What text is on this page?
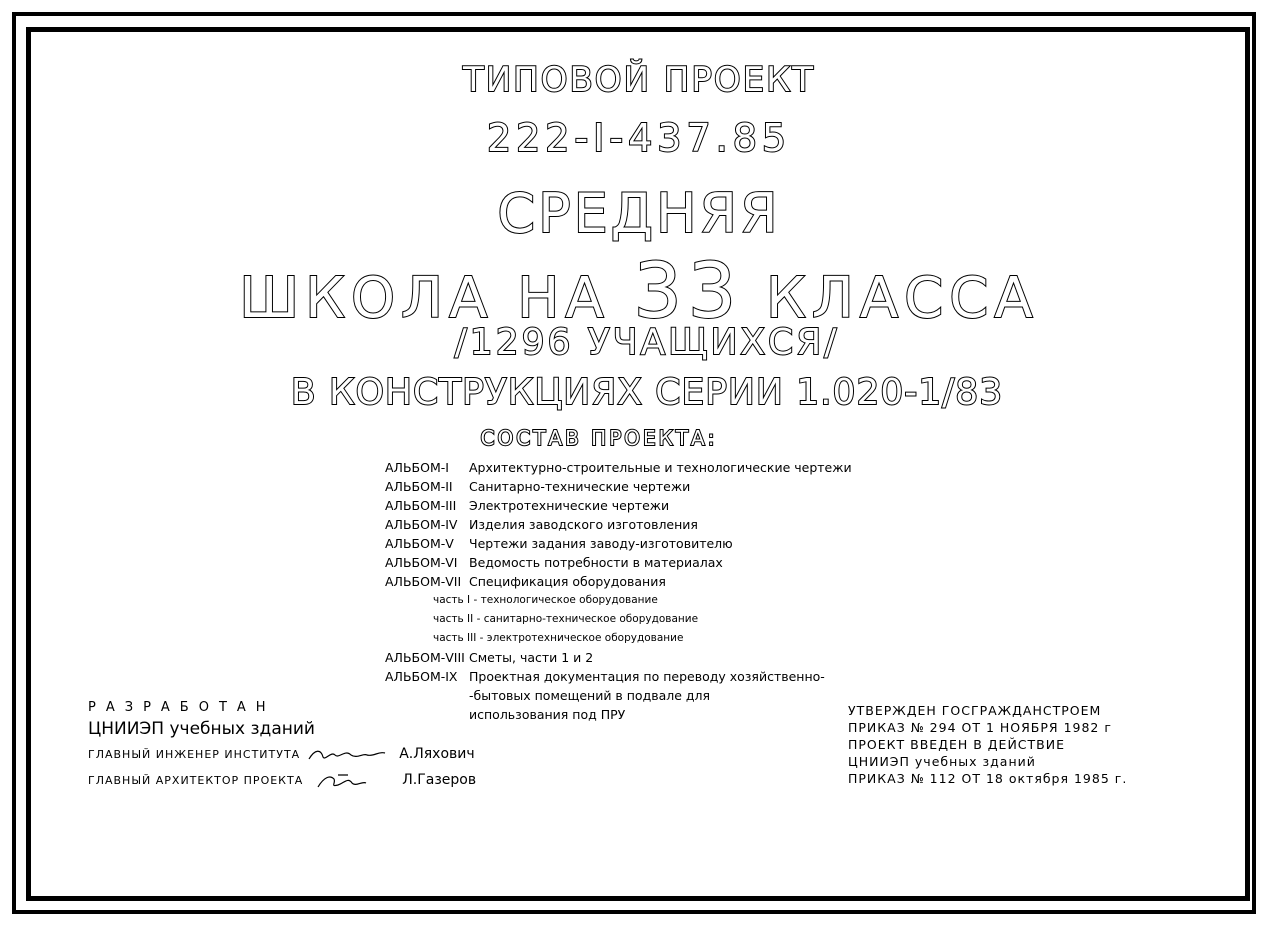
ТИПОВОЙ ПРОЕКТ
222-I-437.85
СРЕДНЯЯ
ШКОЛА НА 33 КЛАССА
/1296 УЧАЩИХСЯ/
В КОНСТРУКЦИЯХ СЕРИИ 1.020-1/83
СОСТАВ ПРОЕКТА:
АЛЬБОМ-I Архитектурно-строительные и технологические чертежи
АЛЬБОМ-II Санитарно-технические чертежи
АЛЬБОМ-III Электротехнические чертежи
АЛЬБОМ-IV Изделия заводского изготовления
АЛЬБОМ-V Чертежи задания заводу-изготовителю
АЛЬБОМ-VI Ведомость потребности в материалах
АЛЬБОМ-VII Спецификация оборудования
часть I - технологическое оборудование
часть II - санитарно-техническое оборудование
часть III - электротехническое оборудование
АЛЬБОМ-VIII Сметы, части 1 и 2
АЛЬБОМ-IX Проектная документация по переводу хозяйственно-
-бытовых помещений в подвале для
использования под ПРУ
РАЗРАБОТАН
ЦНИИЭП учебных зданий
ГЛАВНЫЙ ИНЖЕНЕР ИНСТИТУТА	А.Ляхович
ГЛАВНЫЙ АРХИТЕКТОР ПРОЕКТА	Л.Газеров
УТВЕРЖДЕН ГОСГРАЖДАНСТРОЕМ
ПРИКАЗ № 294 ОТ 1 НОЯБРЯ 1982 г
ПРОЕКТ ВВЕДЕН В ДЕЙСТВИЕ
ЦНИИЭП учебных зданий
ПРИКАЗ № 112 ОТ 18 октября 1985 г.
